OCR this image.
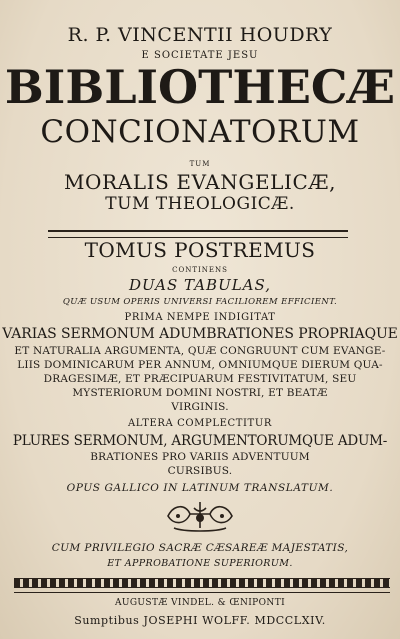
R. P. VINCENTII HOUDRY
E SOCIETATE JESU
BIBLIOTHECÆ
CONCIONATORUM
TUM
MORALIS EVANGELICÆ,
TUM THEOLOGICÆ.
TOMUS POSTREMUS
CONTINENS
DUAS TABULAS,
QUÆ USUM OPERIS UNIVERSI FACILIOREM EFFICIENT.
PRIMA NEMPE INDIGITAT
VARIAS SERMONUM ADUMBRATIONES PROPRIAQUE
ET NATURALIA ARGUMENTA, QUÆ CONGRUUNT CUM EVANGE-
LIIS DOMINICARUM PER ANNUM, OMNIUMQUE DIERUM QUA-
DRAGESIMÆ, ET PRÆCIPUARUM FESTIVITATUM, SEU
MYSTERIORUM DOMINI NOSTRI, ET BEATÆ
VIRGINIS.
ALTERA COMPLECTITUR
PLURES SERMONUM, ARGUMENTORUMQUE ADUM-
BRATIONES PRO VARIIS ADVENTUUM
CURSIBUS.
OPUS GALLICO IN LATINUM TRANSLATUM.
CUM PRIVILEGIO SACRÆ CÆSAREÆ MAJESTATIS,
ET APPROBATIONE SUPERIORUM.
AUGUSTÆ VINDEL. & ŒNIPONTI
Sumptibus JOSEPHI WOLFF. MDCCLXIV.
